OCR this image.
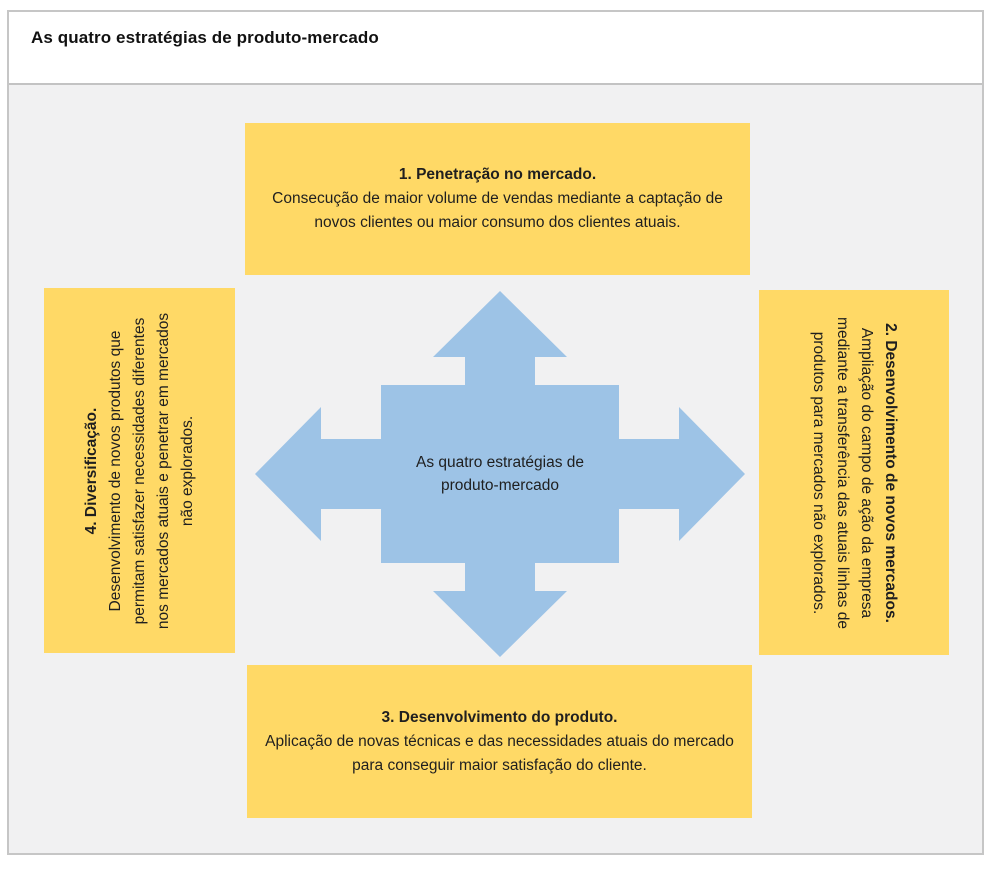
As quatro estratégias de produto-mercado
As quatro estratégias de produto-mercado
1. Penetração no mercado.
Consecução de maior volume de vendas mediante a captação de novos clientes ou maior consumo dos clientes atuais.
2. Desenvolvimento de novos mercados.
Ampliação do campo de ação da empresa mediante a transferência das atuais linhas de produtos para mercados não explorados.
3. Desenvolvimento do produto.
Aplicação de novas técnicas e das necessidades atuais do mercado para conseguir maior satisfação do cliente.
4. Diversificação. Desenvolvimento de novos produtos que permitam satisfazer necessidades diferentes nos mercados atuais e penetrar em mercados não explorados.
